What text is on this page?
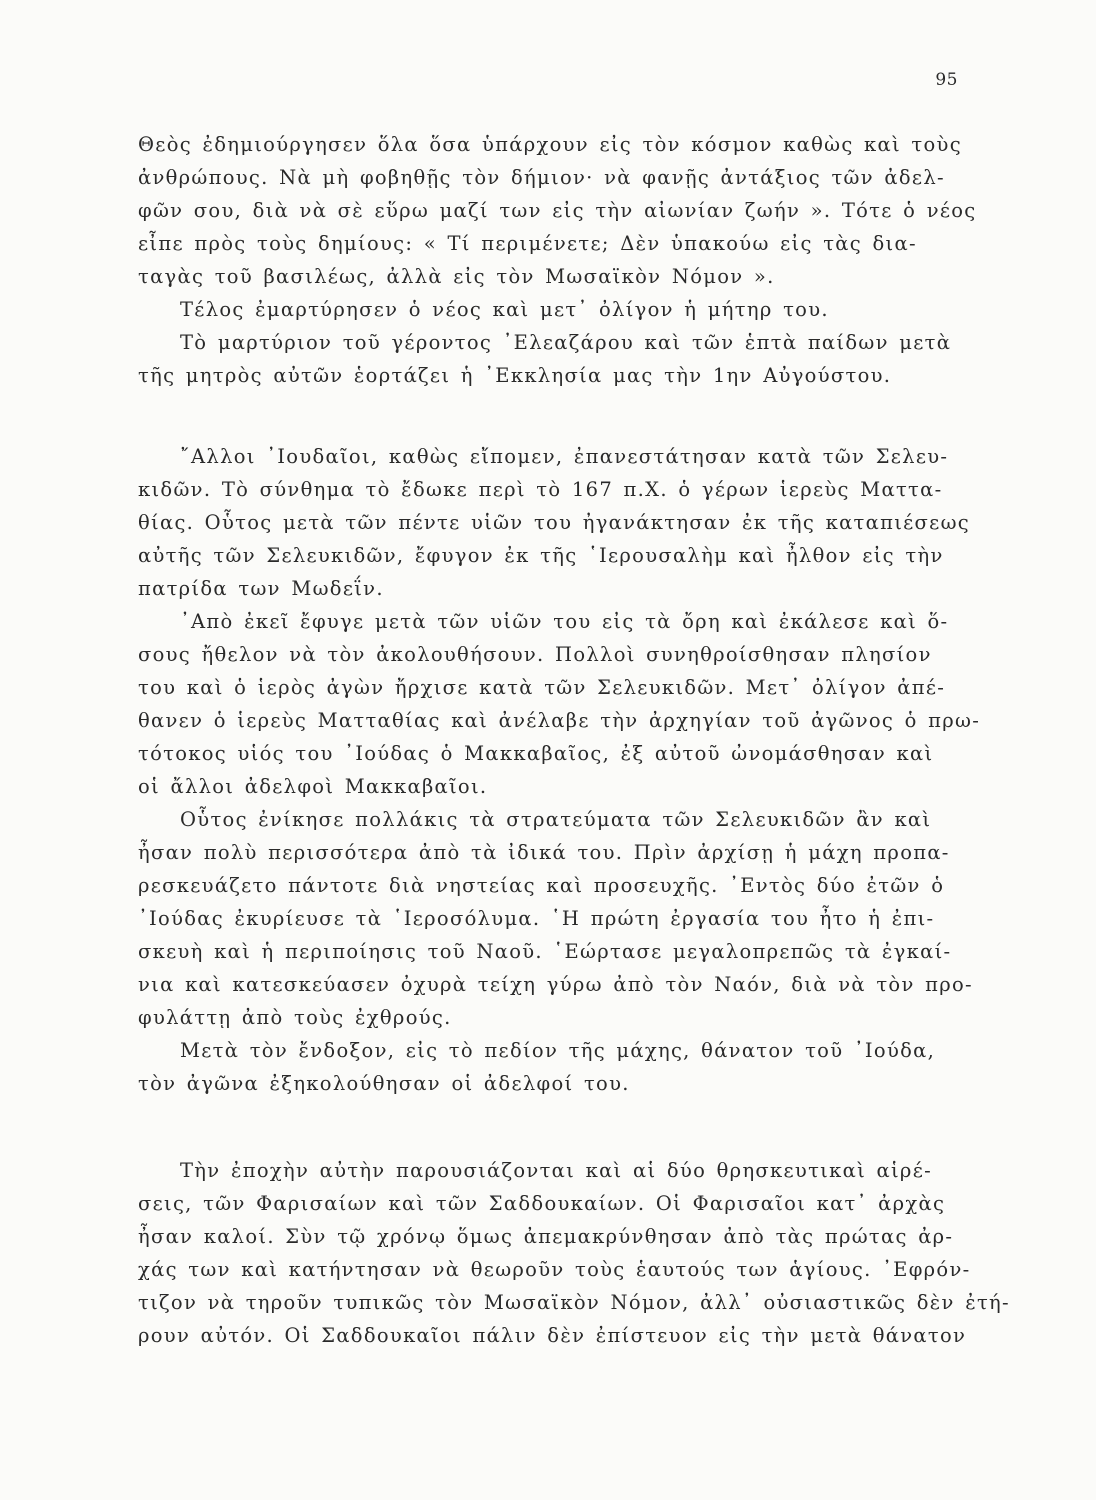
95
Θεὸς ἐδημιούργησεν ὅλα ὅσα ὑπάρχουν εἰς τὸν κόσμον καθὼς καὶ τοὺς
ἀνθρώπους. Νὰ μὴ φοβηθῇς τὸν δήμιον· νὰ φανῇς ἀντάξιος τῶν ἀδελ-
φῶν σου, διὰ νὰ σὲ εὕρω μαζί των εἰς τὴν αἰωνίαν ζωήν ». Τότε ὁ νέος
εἶπε πρὸς τοὺς δημίους: « Τί περιμένετε; Δὲν ὑπακούω εἰς τὰς δια-
ταγὰς τοῦ βασιλέως, ἀλλὰ εἰς τὸν Μωσαϊκὸν Νόμον ».
Τέλος ἐμαρτύρησεν ὁ νέος καὶ μετ᾽ ὀλίγον ἡ μήτηρ του.
Τὸ μαρτύριον τοῦ γέροντος ᾽Ελεαζάρου καὶ τῶν ἑπτὰ παίδων μετὰ
τῆς μητρὸς αὐτῶν ἑορτάζει ἡ ᾽Εκκλησία μας τὴν 1ην Αὐγούστου.
῎Αλλοι ᾽Ιουδαῖοι, καθὼς εἴπομεν, ἐπανεστάτησαν κατὰ τῶν Σελευ-
κιδῶν. Τὸ σύνθημα τὸ ἔδωκε περὶ τὸ 167 π.Χ. ὁ γέρων ἱερεὺς Ματτα-
θίας. Οὗτος μετὰ τῶν πέντε υἱῶν του ἠγανάκτησαν ἐκ τῆς καταπιέσεως
αὐτῆς τῶν Σελευκιδῶν, ἔφυγον ἐκ τῆς ῾Ιερουσαλὴμ καὶ ἦλθον εἰς τὴν
πατρίδα των Μωδεΐν.
᾽Απὸ ἐκεῖ ἔφυγε μετὰ τῶν υἱῶν του εἰς τὰ ὄρη καὶ ἐκάλεσε καὶ ὅ-
σους ἤθελον νὰ τὸν ἀκολουθήσουν. Πολλοὶ συνηθροίσθησαν πλησίον
του καὶ ὁ ἱερὸς ἀγὼν ἤρχισε κατὰ τῶν Σελευκιδῶν. Μετ᾽ ὀλίγον ἀπέ-
θανεν ὁ ἱερεὺς Ματταθίας καὶ ἀνέλαβε τὴν ἀρχηγίαν τοῦ ἀγῶνος ὁ πρω-
τότοκος υἱός του ᾽Ιούδας ὁ Μακκαβαῖος, ἐξ αὐτοῦ ὠνομάσθησαν καὶ
οἱ ἄλλοι ἀδελφοὶ Μακκαβαῖοι.
Οὗτος ἐνίκησε πολλάκις τὰ στρατεύματα τῶν Σελευκιδῶν ἂν καὶ
ἦσαν πολὺ περισσότερα ἀπὸ τὰ ἰδικά του. Πρὶν ἀρχίσῃ ἡ μάχη προπα-
ρεσκευάζετο πάντοτε διὰ νηστείας καὶ προσευχῆς. ᾽Εντὸς δύο ἐτῶν ὁ
᾽Ιούδας ἐκυρίευσε τὰ ῾Ιεροσόλυμα. ῾Η πρώτη ἐργασία του ἦτο ἡ ἐπι-
σκευὴ καὶ ἡ περιποίησις τοῦ Ναοῦ. ῾Εώρτασε μεγαλοπρεπῶς τὰ ἐγκαί-
νια καὶ κατεσκεύασεν ὀχυρὰ τείχη γύρω ἀπὸ τὸν Ναόν, διὰ νὰ τὸν προ-
φυλάττῃ ἀπὸ τοὺς ἐχθρούς.
Μετὰ τὸν ἔνδοξον, εἰς τὸ πεδίον τῆς μάχης, θάνατον τοῦ ᾽Ιούδα,
τὸν ἀγῶνα ἐξηκολούθησαν οἱ ἀδελφοί του.
Τὴν ἐποχὴν αὐτὴν παρουσιάζονται καὶ αἱ δύο θρησκευτικαὶ αἱρέ-
σεις, τῶν Φαρισαίων καὶ τῶν Σαδδουκαίων. Οἱ Φαρισαῖοι κατ᾽ ἀρχὰς
ἦσαν καλοί. Σὺν τῷ χρόνῳ ὅμως ἀπεμακρύνθησαν ἀπὸ τὰς πρώτας ἀρ-
χάς των καὶ κατήντησαν νὰ θεωροῦν τοὺς ἑαυτούς των ἁγίους. ᾽Εφρόν-
τιζον νὰ τηροῦν τυπικῶς τὸν Μωσαϊκὸν Νόμον, ἀλλ᾽ οὐσιαστικῶς δὲν ἐτή-
ρουν αὐτόν. Οἱ Σαδδουκαῖοι πάλιν δὲν ἐπίστευον εἰς τὴν μετὰ θάνατον
